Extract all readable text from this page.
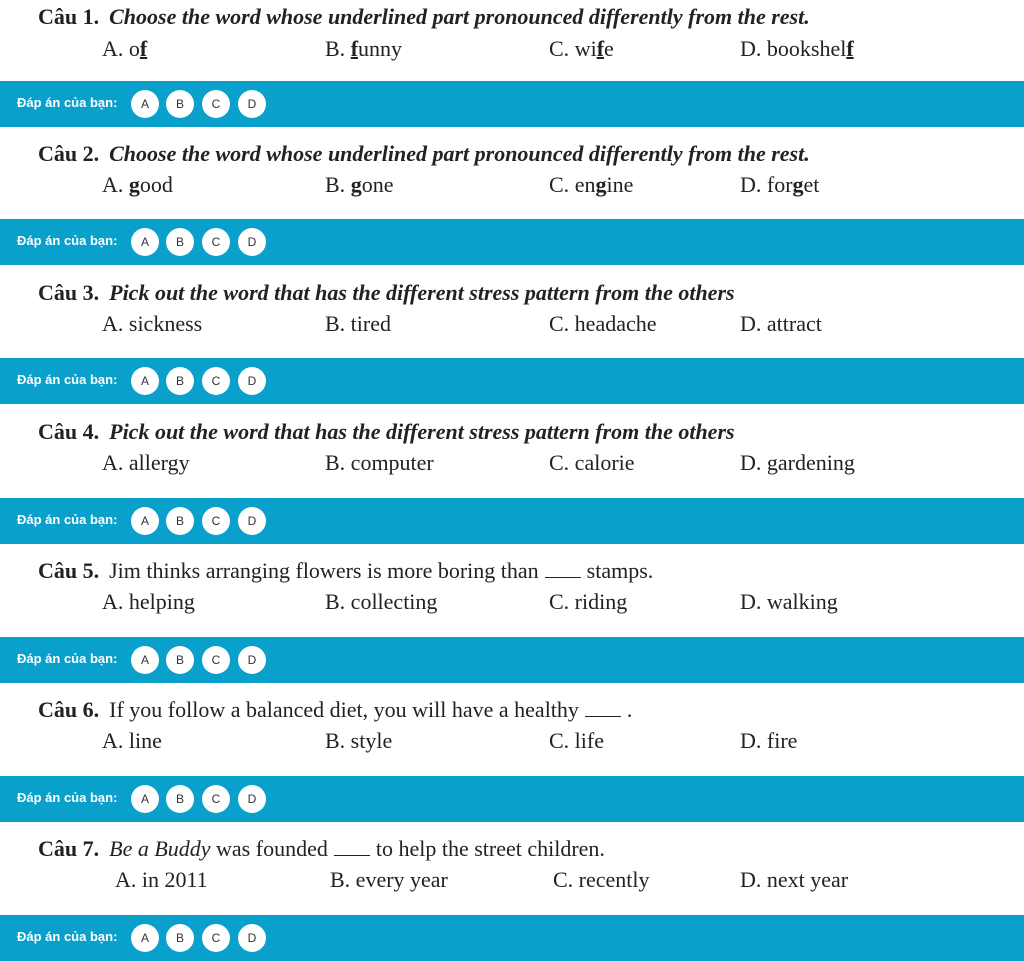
Câu 1. Choose the word whose underlined part pronounced differently from the rest.
A. of	B. funny	C. wife	D. bookshelf
Đáp án của bạn:	A	B	C	D
Câu 2. Choose the word whose underlined part pronounced differently from the rest.
A. good	B. gone	C. engine	D. forget
Đáp án của bạn:	A	B	C	D
Câu 3. Pick out the word that has the different stress pattern from the others
A. sickness	B. tired	C. headache	D. attract
Đáp án của bạn:	A	B	C	D
Câu 4. Pick out the word that has the different stress pattern from the others
A. allergy	B. computer	C. calorie	D. gardening
Đáp án của bạn:	A	B	C	D
Câu 5. Jim thinks arranging flowers is more boring than stamps.
A. helping	B. collecting	C. riding	D. walking
Đáp án của bạn:	A	B	C	D
Câu 6. If you follow a balanced diet, you will have a healthy .
A. line	B. style	C. life	D. fire
Đáp án của bạn:	A	B	C	D
Câu 7. Be a Buddy was founded to help the street children.
A. in 2011	B. every year	C. recently	D. next year
Đáp án của bạn:	A	B	C	D
